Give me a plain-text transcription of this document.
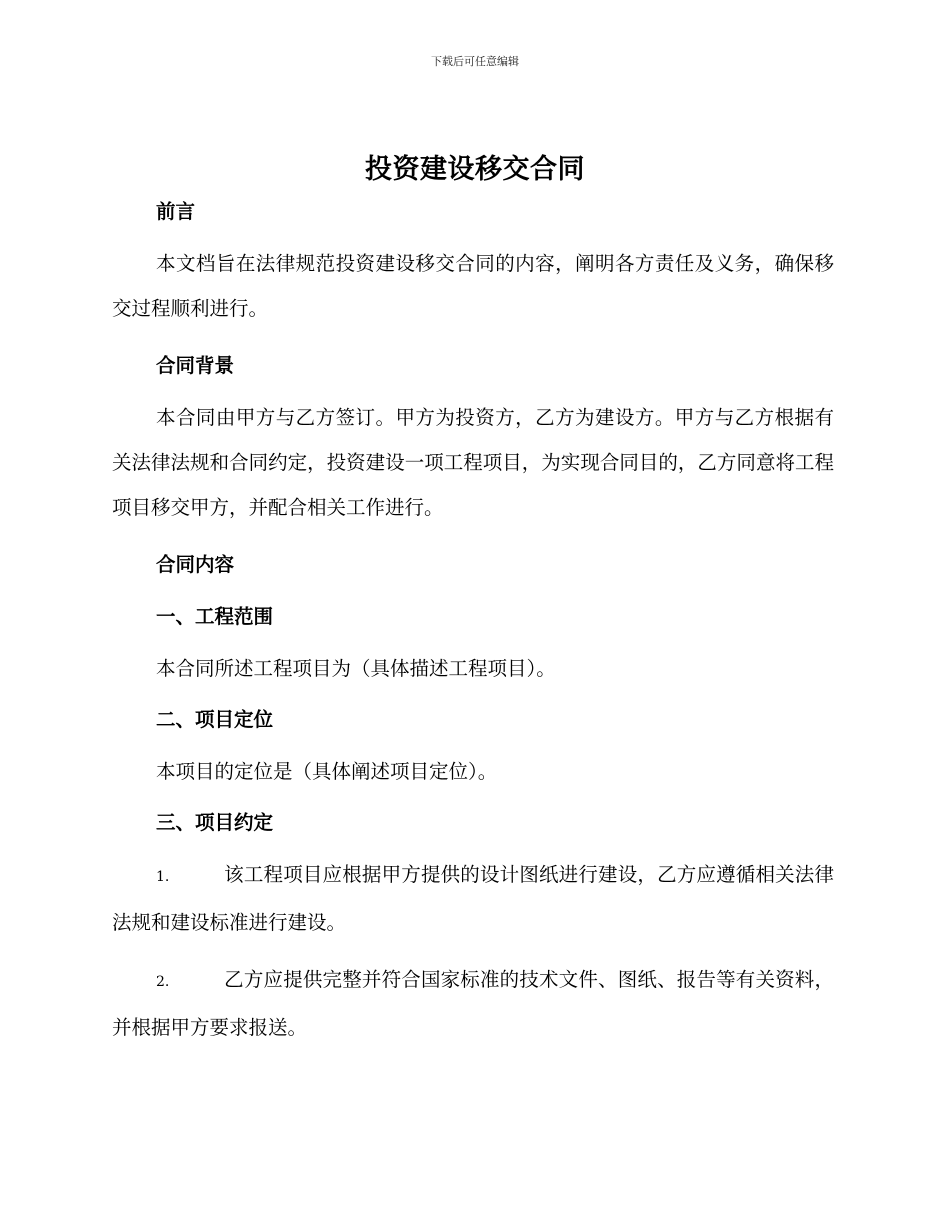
下载后可任意编辑
投资建设移交合同

前言

本文档旨在法律规范投资建设移交合同的内容，阐明各方责任及义务，确保移交过程顺利进行。

合同背景

本合同由甲方与乙方签订。甲方为投资方，乙方为建设方。甲方与乙方根据有关法律法规和合同约定，投资建设一项工程项目，为实现合同目的，乙方同意将工程项目移交甲方，并配合相关工作进行。

合同内容

一、工程范围

本合同所述工程项目为（具体描述工程项目）。

二、项目定位

本项目的定位是（具体阐述项目定位）。

三、项目约定

1.	该工程项目应根据甲方提供的设计图纸进行建设，乙方应遵循相关法律法规和建设标准进行建设。

2.	乙方应提供完整并符合国家标准的技术文件、图纸、报告等有关资料，并根据甲方要求报送。
